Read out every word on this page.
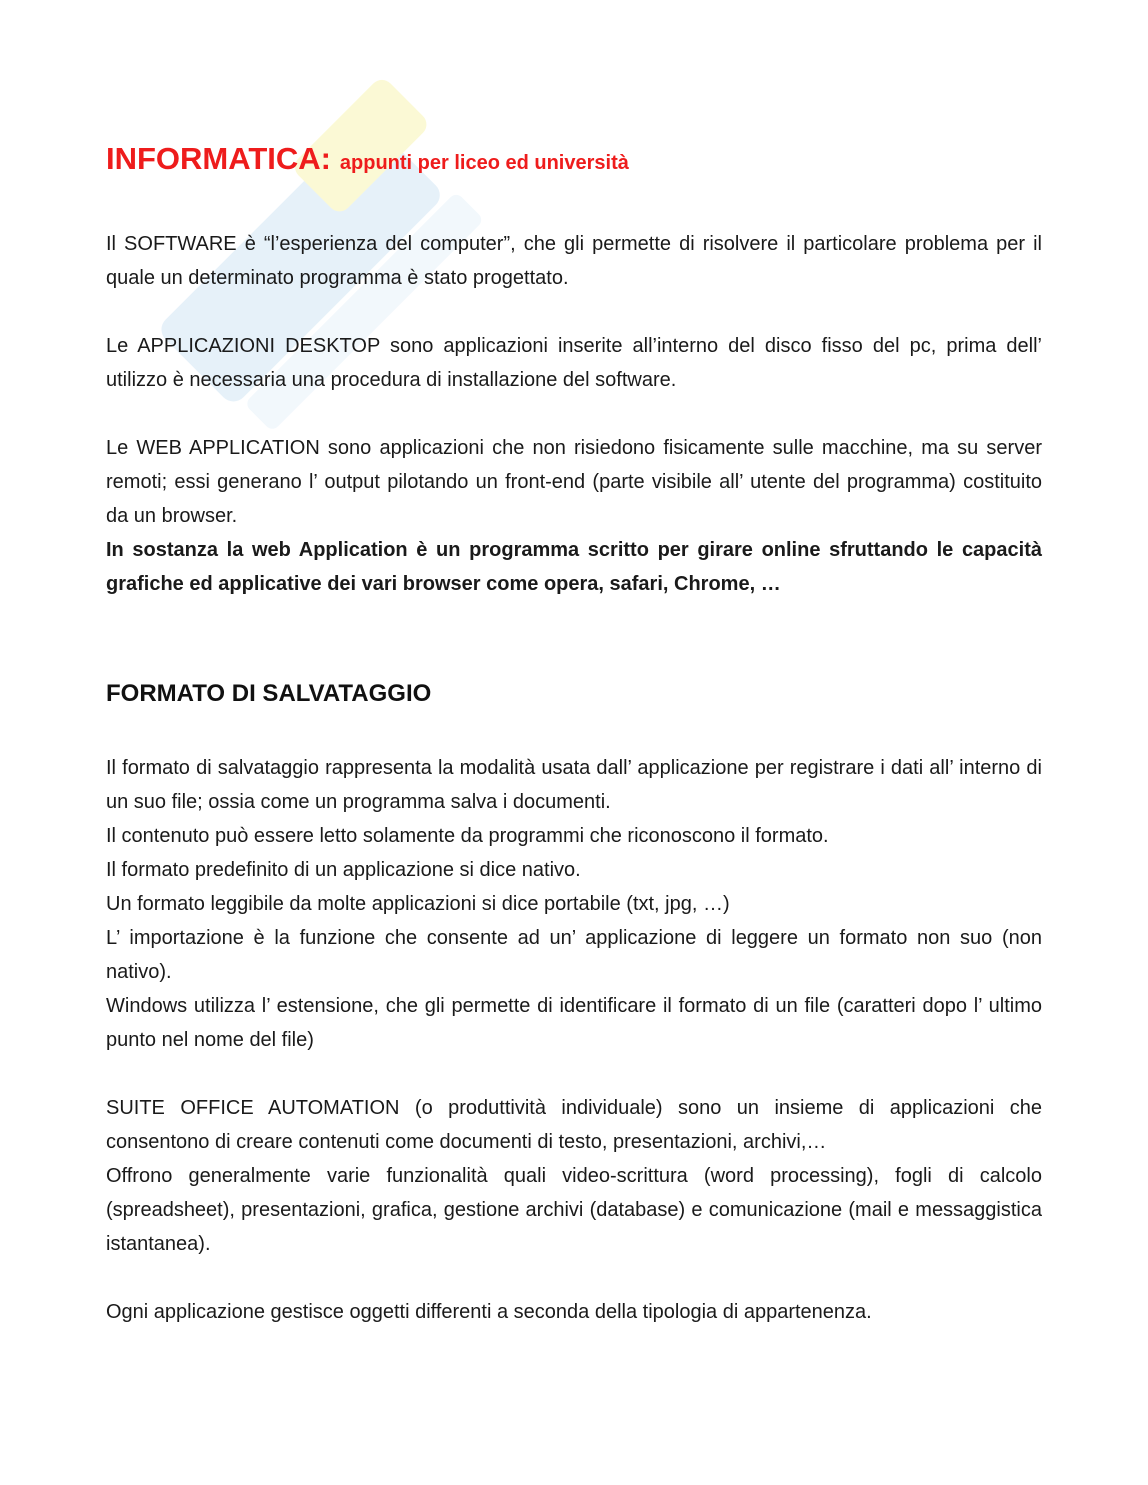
INFORMATICA: appunti per liceo ed università

Il SOFTWARE è “l’esperienza del computer”, che gli permette di risolvere il particolare problema per il quale un determinato programma è stato progettato.

Le APPLICAZIONI DESKTOP sono applicazioni inserite all’interno del disco fisso del pc, prima dell’ utilizzo è necessaria una procedura di installazione del software.

Le WEB APPLICATION sono applicazioni che non risiedono fisicamente sulle macchine, ma su server remoti; essi generano l’ output pilotando un front-end (parte visibile all’ utente del programma) costituito da un browser.

In sostanza la web Application è un programma scritto per girare online sfruttando le capacità grafiche ed applicative dei vari browser come opera, safari, Chrome, …

FORMATO DI SALVATAGGIO

Il formato di salvataggio rappresenta la modalità usata dall’ applicazione per registrare i dati all’ interno di un suo file; ossia come un programma salva i documenti.

Il contenuto può essere letto solamente da programmi che riconoscono il formato.

Il formato predefinito di un applicazione si dice nativo.

Un formato leggibile da molte applicazioni si dice portabile (txt, jpg, …)

L’ importazione è la funzione che consente ad un’ applicazione di leggere un formato non suo (non nativo).

Windows utilizza l’ estensione, che gli permette di identificare il formato di un file (caratteri dopo l’ ultimo punto nel nome del file)

SUITE OFFICE AUTOMATION (o produttività individuale) sono un insieme di applicazioni che consentono di creare contenuti come documenti di testo, presentazioni, archivi,…

Offrono generalmente varie funzionalità quali video-scrittura (word processing), fogli di calcolo (spreadsheet), presentazioni, grafica, gestione archivi (database) e comunicazione (mail e messaggistica istantanea).

Ogni applicazione gestisce oggetti differenti a seconda della tipologia di appartenenza.
